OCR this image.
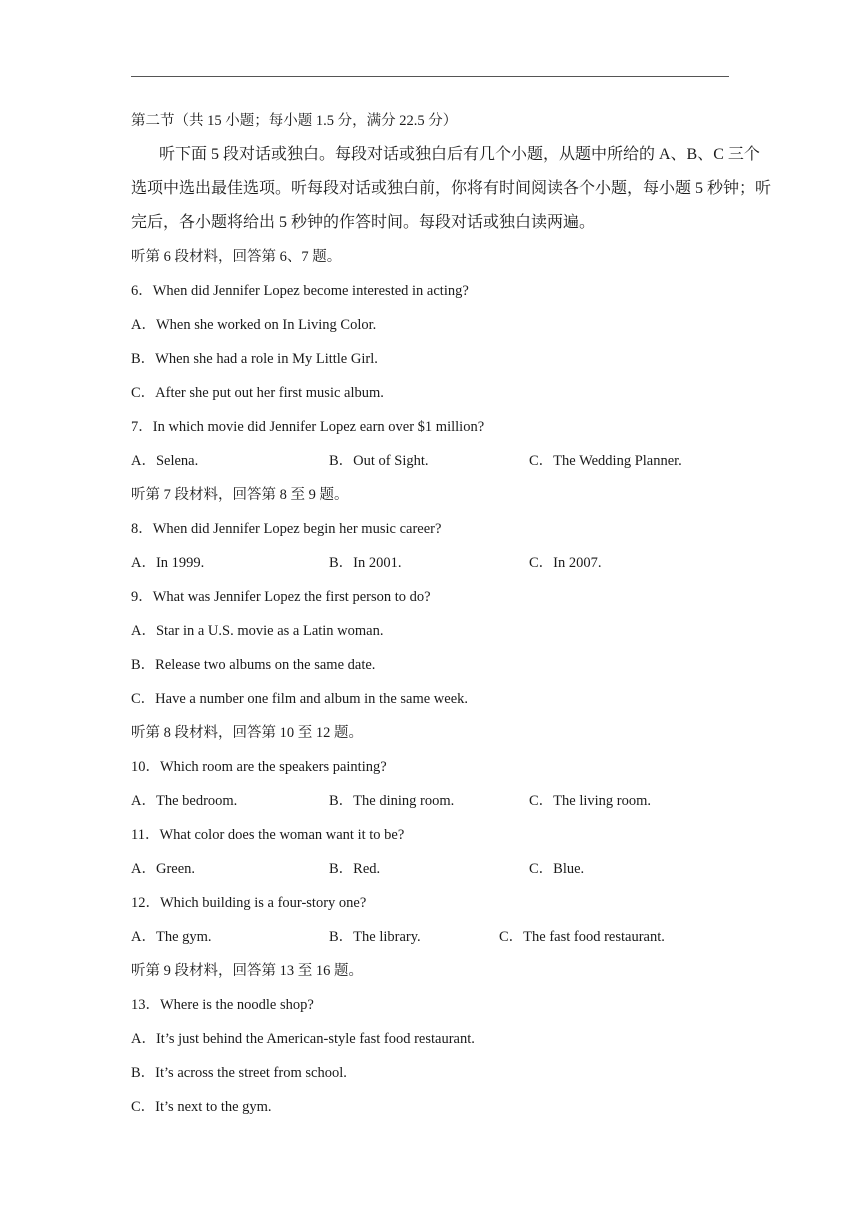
第二节（共 15 小题；每小题 1.5 分，满分 22.5 分）
听下面 5 段对话或独白。每段对话或独白后有几个小题，从题中所给的 A、B、C 三个
选项中选出最佳选项。听每段对话或独白前，你将有时间阅读各个小题，每小题 5 秒钟；听
完后，各小题将给出 5 秒钟的作答时间。每段对话或独白读两遍。
听第 6 段材料，回答第 6、7 题。
6．When did Jennifer Lopez become interested in acting?
A．When she worked on In Living Color.
B．When she had a role in My Little Girl.
C．After she put out her first music album.
7．In which movie did Jennifer Lopez earn over $1 million?
A．Selena.	B．Out of Sight.	C．The Wedding Planner.
听第 7 段材料，回答第 8 至 9 题。
8．When did Jennifer Lopez begin her music career?
A．In 1999.	B．In 2001.	C．In 2007.
9．What was Jennifer Lopez the first person to do?
A．Star in a U.S. movie as a Latin woman.
B．Release two albums on the same date.
C．Have a number one film and album in the same week.
听第 8 段材料，回答第 10 至 12 题。
10．Which room are the speakers painting?
A．The bedroom.	B．The dining room.	C．The living room.
11．What color does the woman want it to be?
A．Green.	B．Red.	C．Blue.
12．Which building is a four-story one?
A．The gym.	B．The library.	C．The fast food restaurant.
听第 9 段材料，回答第 13 至 16 题。
13．Where is the noodle shop?
A．It’s just behind the American-style fast food restaurant.
B．It’s across the street from school.
C．It’s next to the gym.
